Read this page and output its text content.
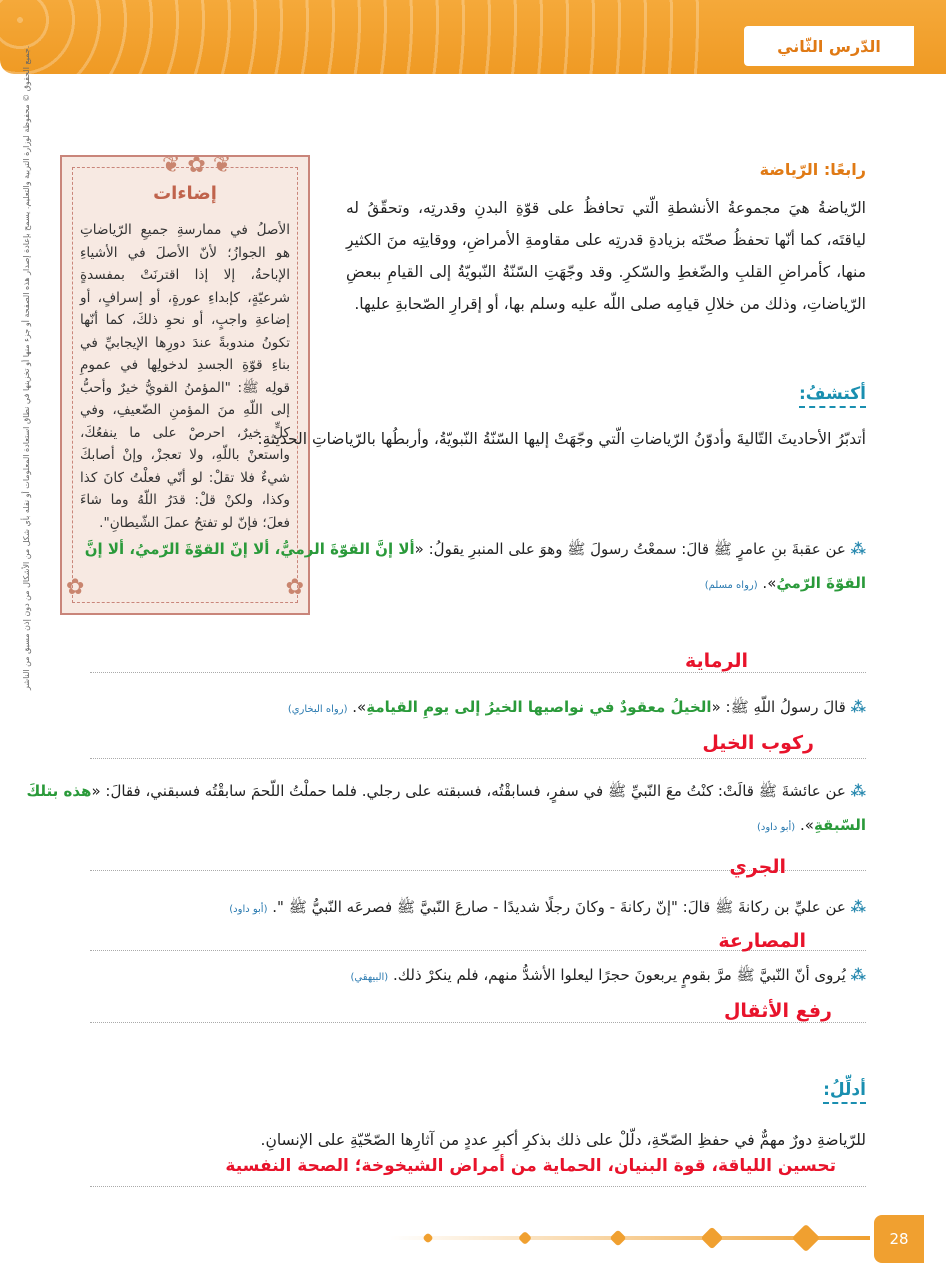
الدّرس الثّاني
جميع الحقوق © محفوظة لوزارة التربية والتعليم. يسمح بإعادة إصدار هذه الصفحة أو جزء منها أو تخزينها في نطاق استعادة المعلومات أو نقله بأي شكل من الأشكال من دون إذن مسبق من الناشر.
❦ ✿ ❦
✿	✿
إضاءات
الأصلُ في ممارسةِ جميعِ الرّياضاتِ هو الجوازُ؛ لأنّ الأصلَ في الأشياءِ الإباحةُ، إلا إذا اقترنَتْ بمفسدةٍ شرعيّةٍ، كإبداءِ عورةٍ، أو إسرافٍ، أو إضاعةِ واجبٍ، أو نحوِ ذلكَ، كما أنّها تكونُ مندوبةً عندَ دورِها الإيجابيِّ في بناءِ قوّةِ الجسدِ لدخولِها في عمومِ قولِه ﷺ: "المؤمنُ القويُّ خيرٌ وأحبُّ إلى اللّهِ منَ المؤمنِ الضّعيفِ، وفي كلٍّ خيرٌ، احرصْ على ما ينفعُكَ، واستعنْ باللّهِ، ولا تعجزْ، وإنْ أصابكَ شيءٌ فلا تقلْ: لو أنّي فعلْتُ كانَ كذا وكذا، ولكنْ قلْ: قدَرُ اللّهُ وما شاءَ فعلَ؛ فإنّ لو تفتحُ عملَ الشّيطانِ".
رابعًا: الرّياضة
الرّياضةُ هيَ مجموعةُ الأنشطةِ الّتي تحافظُ على قوّةِ البدنِ وقدرتِه، وتحقّقُ له لياقتَه، كما أنّها تحفظُ صحّتَه بزيادةِ قدرتِه على مقاومةِ الأمراضِ، ووقايتِه منَ الكثيرِ منها، كأمراضِ القلبِ والضّغطِ والسّكرِ. وقد وجّهَتِ السّنّةُ النّبويّةُ إلى القيامِ ببعضِ الرّياضاتِ، وذلك من خلالِ قيامِه صلى اللّه عليه وسلم بها، أو إقرارِ الصّحابةِ عليها.
أكتشفُ:
أتدبّرُ الأحاديثَ التّاليةَ وأدوّنُ الرّياضاتِ الّتي وجّهَتْ إليها السّنّةُ النّبويّةُ، وأربطُها بالرّياضاتِ الحديثةِ:
⁂ عن عقبةَ بنِ عامرٍ ﷺ قالَ: سمعْتُ رسولَ ﷺ وهوَ على المنبرِ يقولُ: «ألا إنَّ القوّةَ الرميُّ، ألا إنّ القوّةَ الرّميُ، ألا إنَّ القوّةَ الرّميُ». (رواه مسلم)
الرماية
⁂ قالَ رسولُ اللّهِ ﷺ: «الخيلُ معقودٌ في نواصيها الخيرُ إلى يومِ القيامةِ». (رواه البخاري)
ركوب الخيل
⁂ عن عائشةَ ﷺ قالَتْ: كنْتُ معَ النّبيِّ ﷺ في سفرٍ، فسابقْتُه، فسبقته على رجلي. فلما حملْتُ اللّحمَ سابقْتُه فسبقني، فقالَ: «هذه بتلكَ السّبقةِ». (أبو داود)
الجري
⁂ عن عليِّ بن ركانةَ ﷺ قالَ: "إنّ ركانةَ - وكانَ رجلًا شديدًا - صارعَ النّبيَّ ﷺ فصرعَه النّبيُّ ﷺ ". (أبو داود)
المصارعة
⁂ يُروى أنّ النّبيَّ ﷺ مرَّ بقومٍ يربعونَ حجرًا ليعلوا الأشدُّ منهم، فلم ينكرْ ذلك. (البيهقي)
رفع الأثقال
أدلِّلُ:
للرّياضةِ دورٌ مهمٌّ في حفظِ الصّحّةِ، دلّلْ على ذلك بذكرِ أكبرِ عددٍ من آثارِها الصّحّيّةِ على الإنسانِ.
تحسين اللياقة، قوة البنيان، الحماية من أمراض الشيخوخة؛ الصحة النفسية
28
